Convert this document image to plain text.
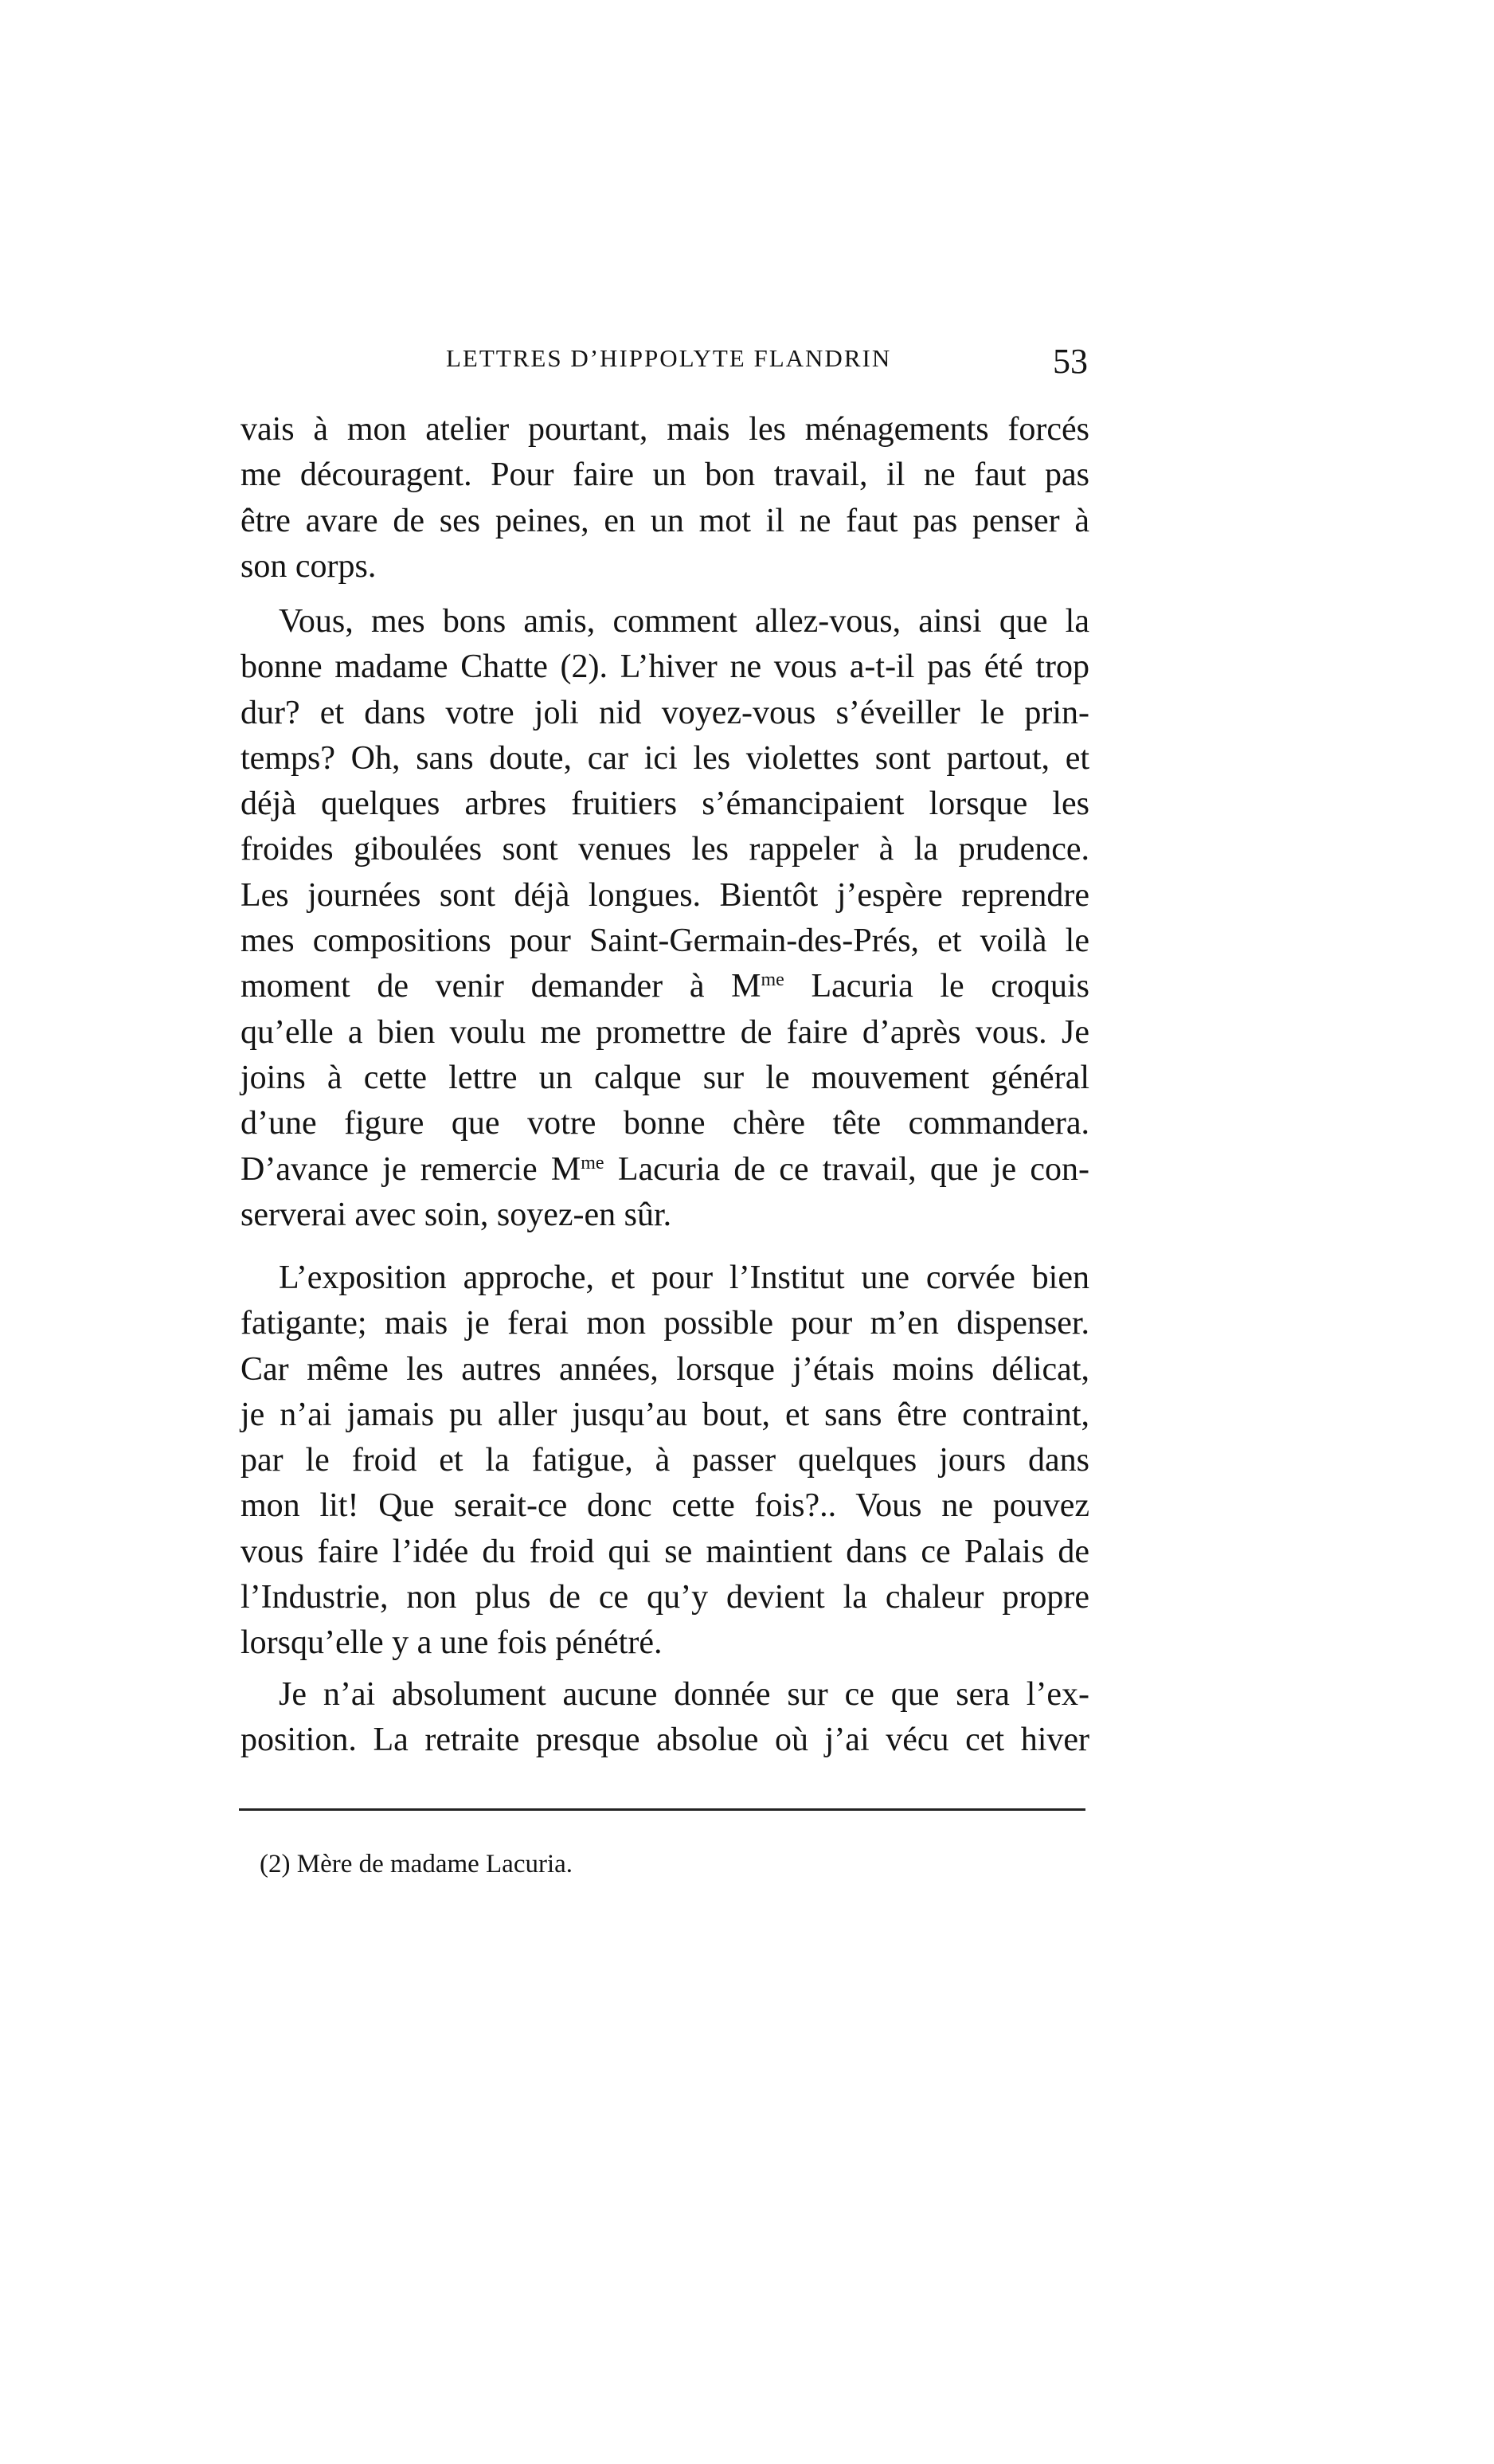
LETTRES D’HIPPOLYTE FLANDRIN	53
vais à mon atelier pourtant, mais les ménagements forcés
me découragent. Pour faire un bon travail, il ne faut pas
être avare de ses peines, en un mot il ne faut pas penser à
son corps.
Vous, mes bons amis, comment allez-vous, ainsi que la
bonne madame Chatte (2). L’hiver ne vous a-t-il pas été trop
dur? et dans votre joli nid voyez-vous s’éveiller le prin-
temps? Oh, sans doute, car ici les violettes sont partout, et
déjà quelques arbres fruitiers s’émancipaient lorsque les
froides giboulées sont venues les rappeler à la prudence.
Les journées sont déjà longues. Bientôt j’espère reprendre
mes compositions pour Saint-Germain-des-Prés, et voilà le
moment de venir demander à $M^{me}$ Lacuria le croquis
qu’elle a bien voulu me promettre de faire d’après vous. Je
joins à cette lettre un calque sur le mouvement général
d’une figure que votre bonne chère tête commandera.
D’avance je remercie $M^{me}$ Lacuria de ce travail, que je con-
serverai avec soin, soyez-en sûr.
L’exposition approche, et pour l’Institut une corvée bien
fatigante; mais je ferai mon possible pour m’en dispenser.
Car même les autres années, lorsque j’étais moins délicat,
je n’ai jamais pu aller jusqu’au bout, et sans être contraint,
par le froid et la fatigue, à passer quelques jours dans
mon lit! Que serait-ce donc cette fois?.. Vous ne pouvez
vous faire l’idée du froid qui se maintient dans ce Palais de
l’Industrie, non plus de ce qu’y devient la chaleur propre
lorsqu’elle y a une fois pénétré.
Je n’ai absolument aucune donnée sur ce que sera l’ex-
position. La retraite presque absolue où j’ai vécu cet hiver
(2) Mère de madame Lacuria.
